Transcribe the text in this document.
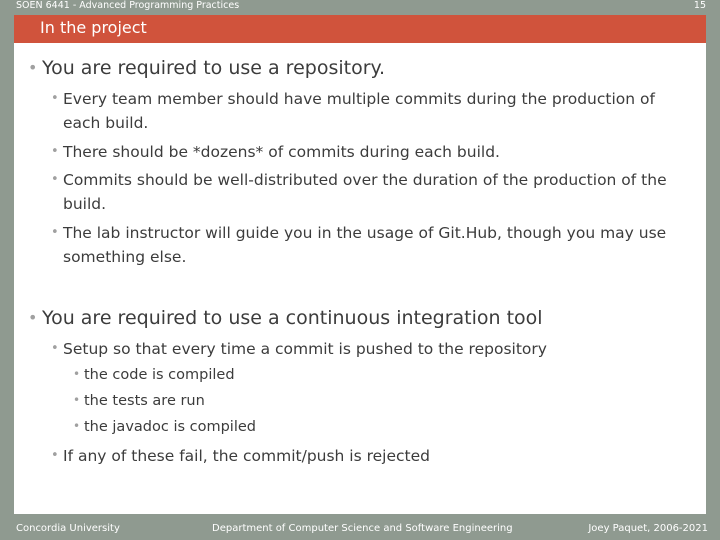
SOEN 6441 - Advanced Programming Practices	15
In the project
• You are required to use a repository.
• Every team member should have multiple commits during the production of each build.
• There should be *dozens* of commits during each build.
• Commits should be well-distributed over the duration of the production of the build.
• The lab instructor will guide you in the usage of Git.Hub, though you may use something else.
• You are required to use a continuous integration tool
• Setup so that every time a commit is pushed to the repository
• the code is compiled
• the tests are run
• the javadoc is compiled
• If any of these fail, the commit/push is rejected
Concordia University	Department of Computer Science and Software Engineering	Joey Paquet, 2006-2021
